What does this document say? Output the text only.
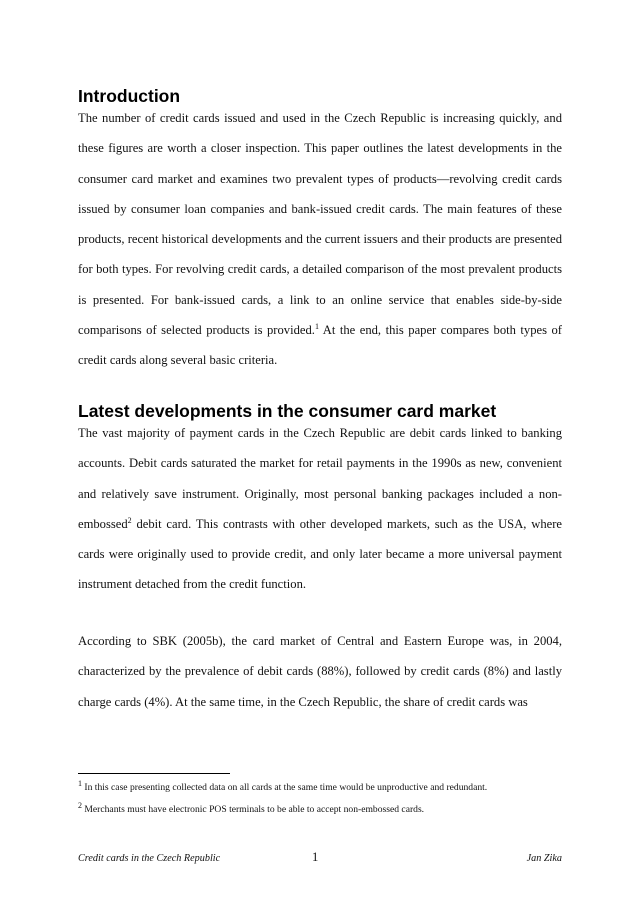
Introduction

The number of credit cards issued and used in the Czech Republic is increasing quickly, and these figures are worth a closer inspection. This paper outlines the latest developments in the consumer card market and examines two prevalent types of products—revolving credit cards issued by consumer loan companies and bank-issued credit cards. The main features of these products, recent historical developments and the current issuers and their products are presented for both types. For revolving credit cards, a detailed comparison of the most prevalent products is presented. For bank-issued cards, a link to an online service that enables side-by-side comparisons of selected products is provided.$^1$ At the end, this paper compares both types of credit cards along several basic criteria.

Latest developments in the consumer card market

The vast majority of payment cards in the Czech Republic are debit cards linked to banking accounts. Debit cards saturated the market for retail payments in the 1990s as new, convenient and relatively save instrument. Originally, most personal banking packages included a non-embossed$^2$ debit card. This contrasts with other developed markets, such as the USA, where cards were originally used to provide credit, and only later became a more universal payment instrument detached from the credit function.

According to SBK (2005b), the card market of Central and Eastern Europe was, in 2004, characterized by the prevalence of debit cards (88%), followed by credit cards (8%) and lastly charge cards (4%). At the same time, in the Czech Republic, the share of credit cards was

$^1$ In this case presenting collected data on all cards at the same time would be unproductive and redundant.
$^2$ Merchants must have electronic POS terminals to be able to accept non-embossed cards.
Credit cards in the Czech Republic	1	Jan Zika
